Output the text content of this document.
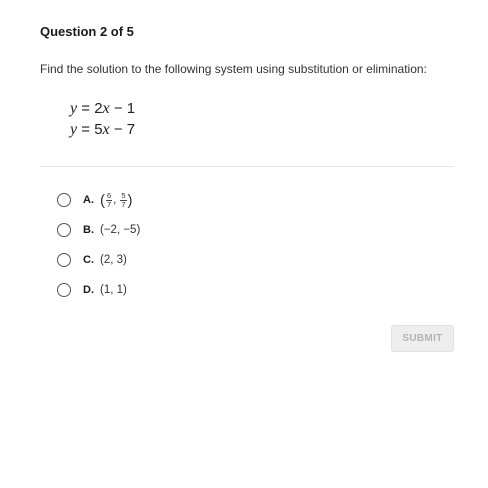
Question 2 of 5
Find the solution to the following system using substitution or elimination:
y = 2x − 1
y = 5x − 7
A. ( $\frac{6}{7}$ , $\frac{5}{7}$ )
B. (−2, −5)
C. (2, 3)
D. (1, 1)
SUBMIT
